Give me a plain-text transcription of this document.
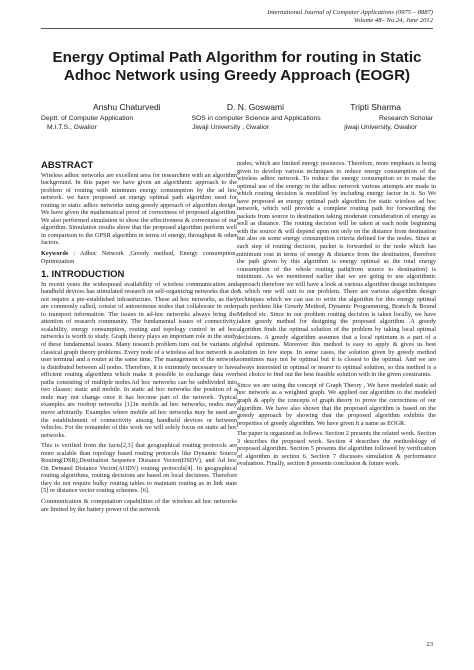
International Journal of Computer Applications (0975 – 8887)
Volume 48– No.24, June 2012
Energy Optimal Path Algorithm for routing in Static Adhoc Network using Greedy Approach (EOGR)
Anshu Chaturvedi	D. N. Goswami	Tripti Sharma
Deptt. of Computer Application	SOS in computer Science and Applications	Research Scholar
M.I.T.S., Gwalior	Jiwaji University , Gwalior	jiwaji University, Gwalior
ABSTRACT

Wireless adhoc networks are excellent area for researchers with an algorithm background. In this paper we have given an algorithmic approach to the problem of routing with minimum energy consumption by the ad hoc network. we have proposed an energy optimal path algorithm used for routing in static adhoc networks using greedy approach of algorithm design. We have given the mathematical proof of correctness of proposed algorithm. We also performed simulation to show the effectiveness & correctness of our algorithm. Simulation results show that the proposed algorithm perform well in comparison to the GPSR algorithm in terms of energy, throughput & other factors.

Keywords : Adhoc Network ,Greedy method, Energy consumption, Optimization

1. INTRODUCTION

In recent years the widespread availability of wireless communication and handheld devices has stimulated research on self-organizing networks that do not require a pre-established infrastructure. These ad hoc networks, as they are commonly called, consist of autonomous nodes that collaborate in order to transport information. The issues in ad-hoc networks always bring the attention of research community. The fundamental issues of connectivity, scalability, energy consumption, routing and topology control in ad hoc networks is worth to study. Graph theory plays an important role in the study of these fundamental issues. Many research problem turn out be variants of classical graph theory problems. Every node of a wireless ad hoc network is a user terminal and a router at the same time. The management of the network is distributed between all nodes. Therefore, it is extremely necessary to have efficient routing algorithms which make it possible to exchange data over paths consisting of multiple nodes.Ad hoc networks can be subdivided into two classes: static and mobile. In static ad hoc networks the position of a node may not change once it has become part of the network. Typical examples are rooftop networks [1].In mobile ad hoc networks, nodes may move arbitrarily. Examples where mobile ad hoc networks may be used are the establishment of connectivity among handheld devices or between vehicles. For the remainder of this work we will solely focus on static ad hoc networks.

This is verified from the facts[2,3] that geographical routing protocols are more scalable than topology based routing protocols like Dynamic Source Routing(DSR),Destination Sequence Distance Vector(DSDV), and Ad hoc On Demand Distance Vector(AODV) routing protocols[4]. In geographical routing algorithms, routing decisions are based on local decisions. Therefore they do not require bulky routing tables to maintain routing as in link state [5] or distance vector routing schemes. [6].

Communication & computation capabilities of the wireless ad hoc networks are limited by the battery power of the network

nodes, which are limited energy resources. Therefore, more emphasis is being given to develop various techniques to reduce energy consumption of the wireless adhoc network. To reduce the energy consumption or to make the optimal use of the energy in the adhoc network various attempts are made in which routing decision is modified by including energy factor in it. So We have proposed an energy optimal path algorithm for static wireless ad hoc network, which will provide a complete routing path for forwarding the packets from source to destination taking moderate consideration of energy as well as distance. The routing decision will be taken at each node beginning with the source & will depend upon not only on the distance from destination but also on some energy consumption criteria defined for the nodes. Since at each step of routing decision, packet is forwarded to the node which has minimum cost in terms of energy & distance from the destination, therefore the path given by this algorithm is energy optimal as the total energy consumption of the whole routing path(from source to destination) is minimum. As we mentioned earlier that we are going to use algorithmic approach therefore we will have a look at various algorithm design techniques & which one will suit to our problem. There are various algorithm design techniques which we can use to write the algorithm for this energy optimal path problem like Greedy Method, Dynamic Programming, Branch & Bound Method etc. Since in our problem routing decision is taken locally, we have taken greedy method for designing the proposed algorithm .A greedy algorithm finds the optimal solution of the problem by taking local optimal decisions. A greedy algorithm assumes that a local optimum is a part of a global optimum. Moreover this method is easy to apply & gives us best solution in few steps. In some cases, the solution given by greedy method sometimes may not be optimal but it is closest to the optimal. And we are always interested in optimal or nearer to optimal solution, so this method is a best choice to find out the best feasible solution with in the given constraints.

Since we are using the concept of Graph Theory , We have modeled static ad hoc network as a weighted graph. We applied our algorithm to the modeled graph & apply the concepts of graph theory to prove the correctness of our algorithm. We have also shown that the proposed algorithm is based on the greedy approach by showing that the proposed algorithm exhibits the properties of greedy algorithm. We have given it a name as EOGR.

The paper is organized as follows. Section 2 presents the related work. Section 3 describes the proposed work. Section 4 describes the methodology of proposed algorithm. Section 5 presents the algorithm followed by verification of algorithm in section 6. Section 7 discusses simulation & performance evaluation. Finally, section 8 presents conclusion & future work.

23
